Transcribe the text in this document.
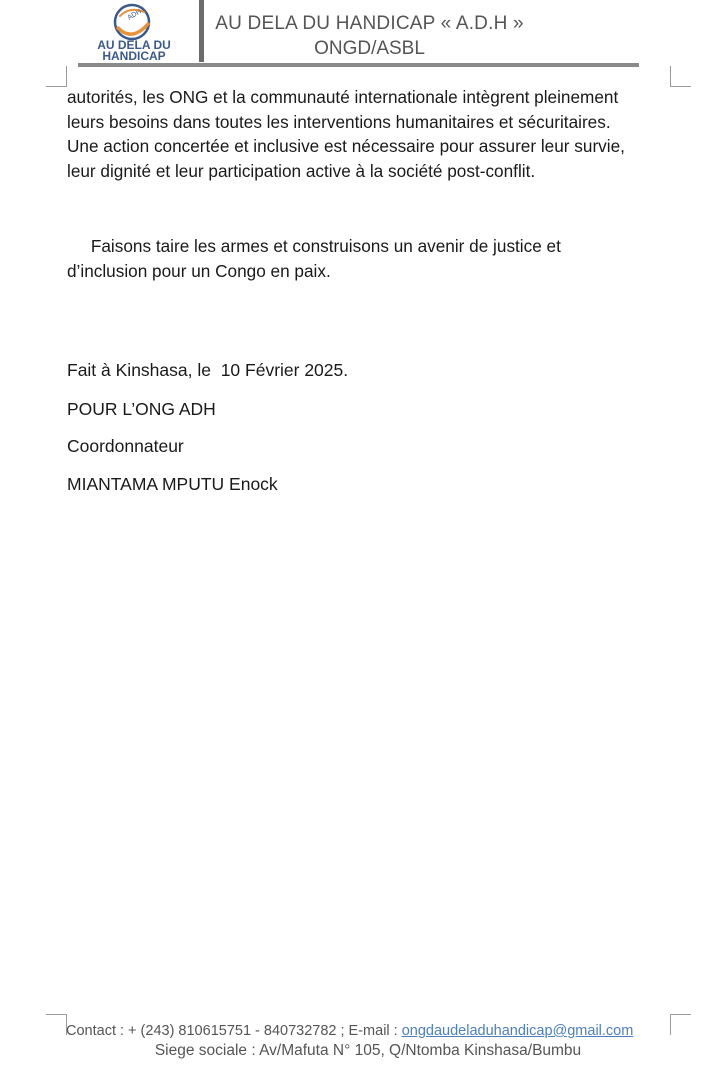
ADH
AU DELA DU
HANDICAP
AU DELA DU HANDICAP « A.D.H »
ONGD/ASBL
autorités, les ONG et la communauté internationale intègrent pleinement
leurs besoins dans toutes les interventions humanitaires et sécuritaires.
Une action concertée et inclusive est nécessaire pour assurer leur survie,
leur dignité et leur participation active à la société post-conflit.
Faisons taire les armes et construisons un avenir de justice et
d’inclusion pour un Congo en paix.
Fait à Kinshasa, le  10 Février 2025.
POUR L’ONG ADH
Coordonnateur
MIANTAMA MPUTU Enock
Contact : + (243) 810615751 - 840732782 ; E-mail : ongdaudeladuhandicap@gmail.com
Siege sociale : Av/Mafuta N° 105, Q/Ntomba Kinshasa/Bumbu
